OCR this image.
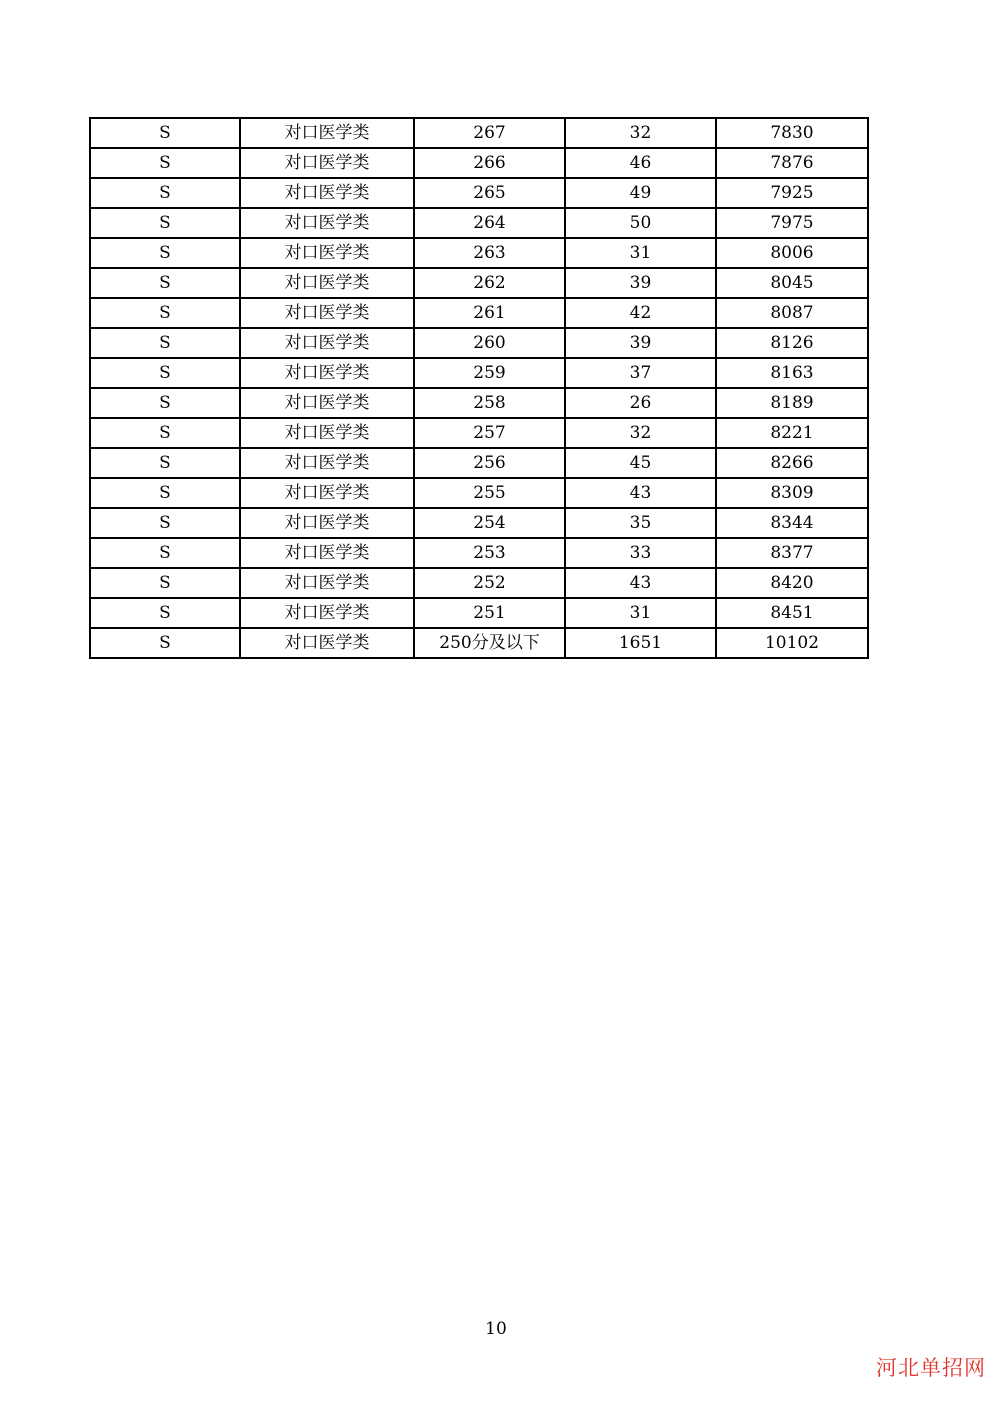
S	对口医学类	267	32	7830
S	对口医学类	266	46	7876
S	对口医学类	265	49	7925
S	对口医学类	264	50	7975
S	对口医学类	263	31	8006
S	对口医学类	262	39	8045
S	对口医学类	261	42	8087
S	对口医学类	260	39	8126
S	对口医学类	259	37	8163
S	对口医学类	258	26	8189
S	对口医学类	257	32	8221
S	对口医学类	256	45	8266
S	对口医学类	255	43	8309
S	对口医学类	254	35	8344
S	对口医学类	253	33	8377
S	对口医学类	252	43	8420
S	对口医学类	251	31	8451
S	对口医学类	250分及以下	1651	10102
10
河北单招网
